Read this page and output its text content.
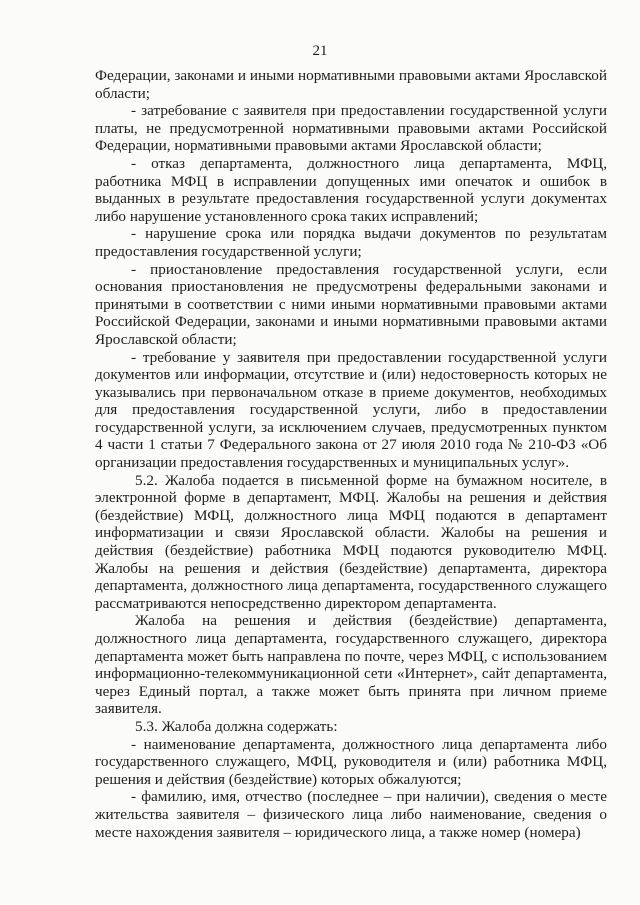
21

Федерации, законами и иными нормативными правовыми актами Ярославской области;

- затребование с заявителя при предоставлении государственной услуги платы, не предусмотренной нормативными правовыми актами Российской Федерации, нормативными правовыми актами Ярославской области;

- отказ департамента, должностного лица департамента, МФЦ, работника МФЦ в исправлении допущенных ими опечаток и ошибок в выданных в результате предоставления государственной услуги документах либо нарушение установленного срока таких исправлений;

- нарушение срока или порядка выдачи документов по результатам предоставления государственной услуги;

- приостановление предоставления государственной услуги, если основания приостановления не предусмотрены федеральными законами и принятыми в соответствии с ними иными нормативными правовыми актами Российской Федерации, законами и иными нормативными правовыми актами Ярославской области;

- требование у заявителя при предоставлении государственной услуги документов или информации, отсутствие и (или) недостоверность которых не указывались при первоначальном отказе в приеме документов, необходимых для предоставления государственной услуги, либо в предоставлении государственной услуги, за исключением случаев, предусмотренных пунктом 4 части 1 статьи 7 Федерального закона от 27 июля 2010 года № 210-ФЗ «Об организации предоставления государственных и муниципальных услуг».

5.2. Жалоба подается в письменной форме на бумажном носителе, в электронной форме в департамент, МФЦ. Жалобы на решения и действия (бездействие) МФЦ, должностного лица МФЦ подаются в департамент информатизации и связи Ярославской области. Жалобы на решения и действия (бездействие) работника МФЦ подаются руководителю МФЦ. Жалобы на решения и действия (бездействие) департамента, директора департамента, должностного лица департамента, государственного служащего рассматриваются непосредственно директором департамента.

Жалоба на решения и действия (бездействие) департамента, должностного лица департамента, государственного служащего, директора департамента может быть направлена по почте, через МФЦ, с использованием информационно-телекоммуникационной сети «Интернет», сайт департамента, через Единый портал, а также может быть принята при личном приеме заявителя.

5.3. Жалоба должна содержать:

- наименование департамента, должностного лица департамента либо государственного служащего, МФЦ, руководителя и (или) работника МФЦ, решения и действия (бездействие) которых обжалуются;

- фамилию, имя, отчество (последнее – при наличии), сведения о месте жительства заявителя – физического лица либо наименование, сведения о месте нахождения заявителя – юридического лица, а также номер (номера)
